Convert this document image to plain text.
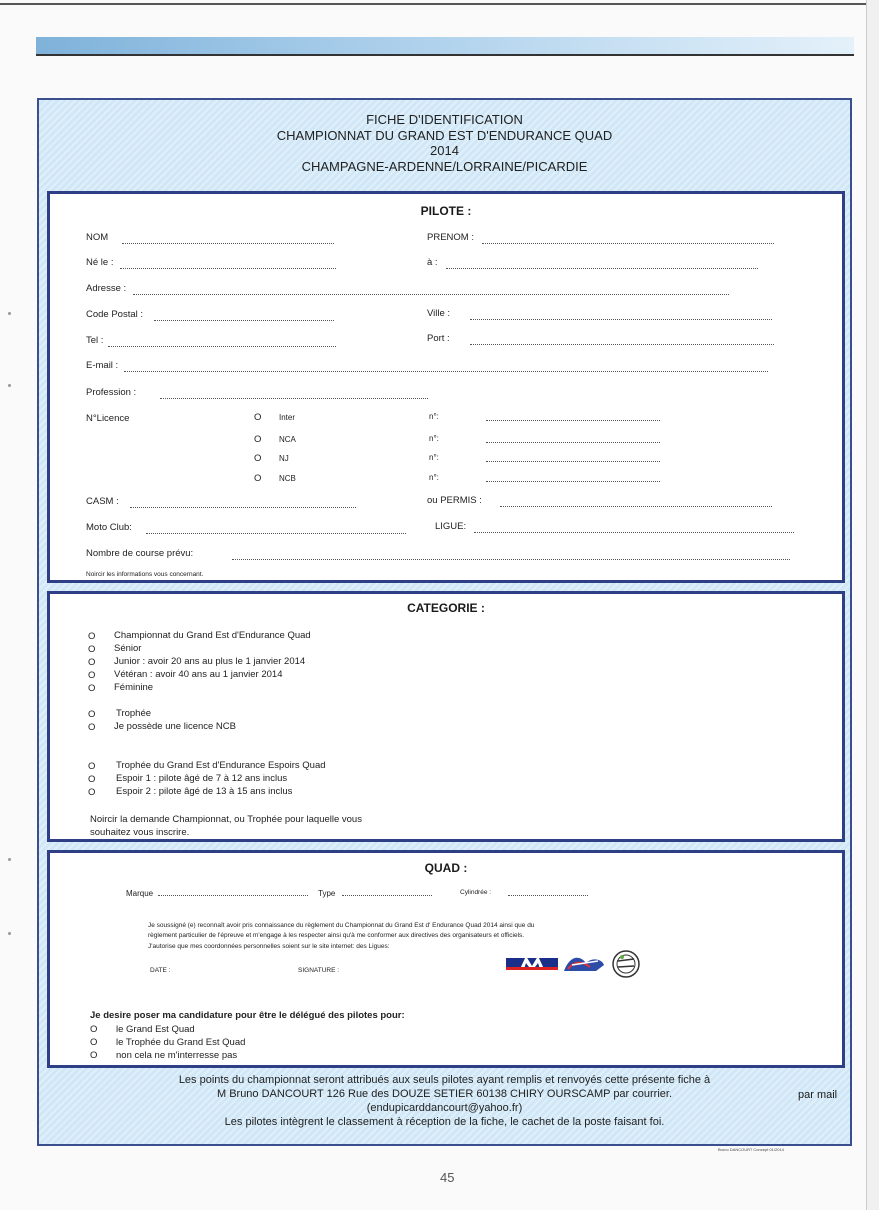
FICHE D'IDENTIFICATION
CHAMPIONNAT DU GRAND EST D'ENDURANCE QUAD
2014
CHAMPAGNE-ARDENNE/LORRAINE/PICARDIE
PILOTE :
NOM	PRENOM :
Né le :	à :
Adresse :
Code Postal :	Ville :
Tel :	Port :
E-mail :
Profession :
N°Licence	O Inter	n°:
O NCA	n°:
O NJ	n°:
O NCB	n°:
CASM :	ou PERMIS :
Moto Club:	LIGUE:
Nombre de course prévu:
Noircir les informations vous concernant.
CATEGORIE :
O Championnat du Grand Est d'Endurance Quad
O Sénior
O Junior : avoir 20 ans au plus le 1 janvier 2014
O Vétéran : avoir 40 ans au 1 janvier 2014
O Féminine
O Trophée
O Je possède une licence NCB
O Trophée du Grand Est d'Endurance Espoirs Quad
O Espoir 1 : pilote âgé de 7 à 12 ans inclus
O Espoir 2 : pilote âgé de 13 à 15 ans inclus
Noircir la demande Championnat, ou Trophée pour laquelle vous
souhaitez vous inscrire.
QUAD :
Marque	Type	Cylindrée :
Je soussigné (e) reconnaît avoir pris connaissance du règlement du Championnat du Grand Est d' Endurance Quad 2014 ainsi que du
règlement particulier de l'épreuve et m'engage à les respecter ainsi qu'à me conformer aux directives des organisateurs et officiels.
J'autorise que mes coordonnées personnelles soient sur le site internet: des Ligues:
DATE :	SIGNATURE :
Je desire poser ma candidature pour être le délégué des pilotes pour:
O le Grand Est Quad
O le Trophée du Grand Est Quad
O non cela ne m'interresse pas
Les points du championnat seront attribués aux seuls pilotes ayant remplis et renvoyés cette présente fiche à
M Bruno DANCOURT 126 Rue des DOUZE SETIER 60138 CHIRY OURSCAMP par courrier.
(endupicarddancourt@yahoo.fr)
Les pilotes intègrent le classement à réception de la fiche, le cachet de la poste faisant foi.
par mail
Bruno DANCOURT Concept 01/2014
45
